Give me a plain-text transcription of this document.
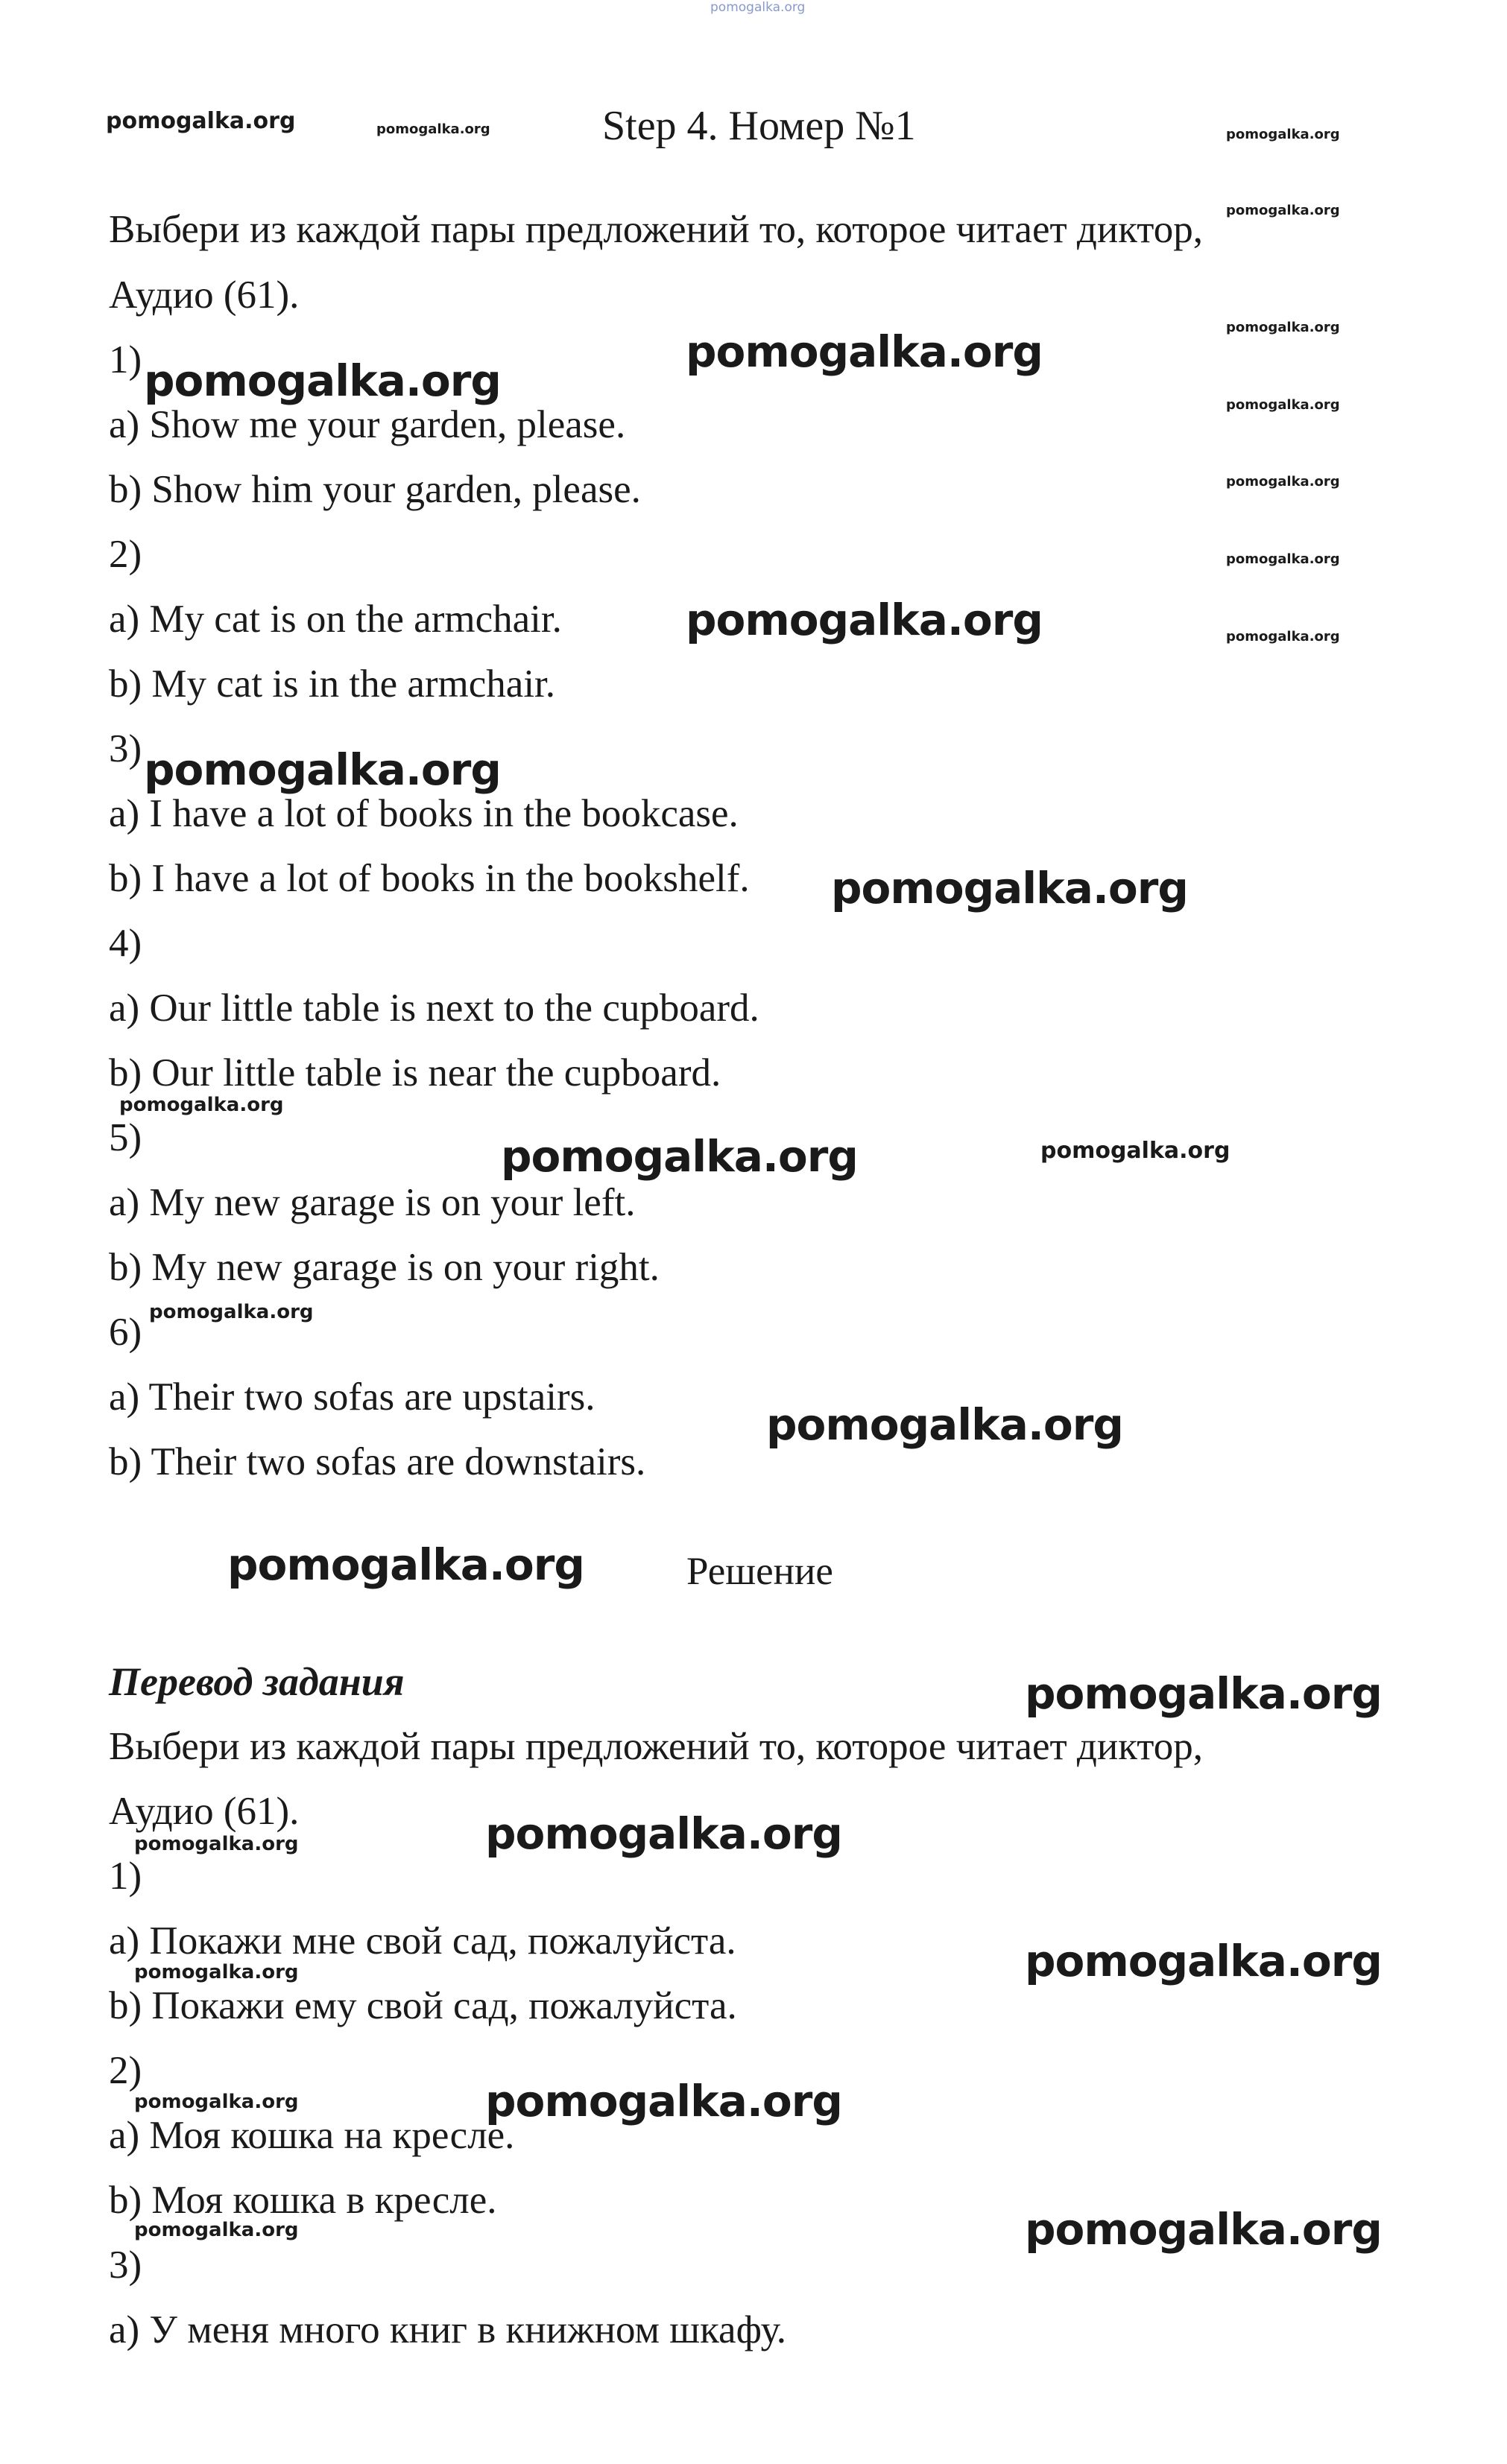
pomogalka.org
pomogalka.org	pomogalka.org	Step 4. Номер №1	pomogalka.org
pomogalka.org
pomogalka.org
pomogalka.org
pomogalka.org
pomogalka.org
pomogalka.org
Выбери из каждой пары предложений то, которое читает диктор,
Аудио (61).
1) pomogalka.org
pomogalka.org
a) Show me your garden, please.
b) Show him your garden, please.
2)
a) My cat is on the armchair.	pomogalka.org
b) My cat is in the armchair.
3) pomogalka.org
a) I have a lot of books in the bookcase.
b) I have a lot of books in the bookshelf. pomogalka.org
4)
a) Our little table is next to the cupboard.
b) Our little table is near the cupboard.
pomogalka.org
5)	pomogalka.org	pomogalka.org
a) My new garage is on your left.
b) My new garage is on your right.
6) pomogalka.org
a) Their two sofas are upstairs.
pomogalka.org
b) Their two sofas are downstairs.
pomogalka.org	Решение
Перевод задания	pomogalka.org
Выбери из каждой пары предложений то, которое читает диктор,
Аудио (61).	pomogalka.org
pomogalka.org
1)
a) Покажи мне свой сад, пожалуйста.
pomogalka.org	pomogalka.org
b) Покажи ему свой сад, пожалуйста.
2)
pomogalka.org	pomogalka.org
а) Моя кошка на кресле.
b) Моя кошка в кресле.
pomogalka.org	pomogalka.org
3)
а) У меня много книг в книжном шкафу.
